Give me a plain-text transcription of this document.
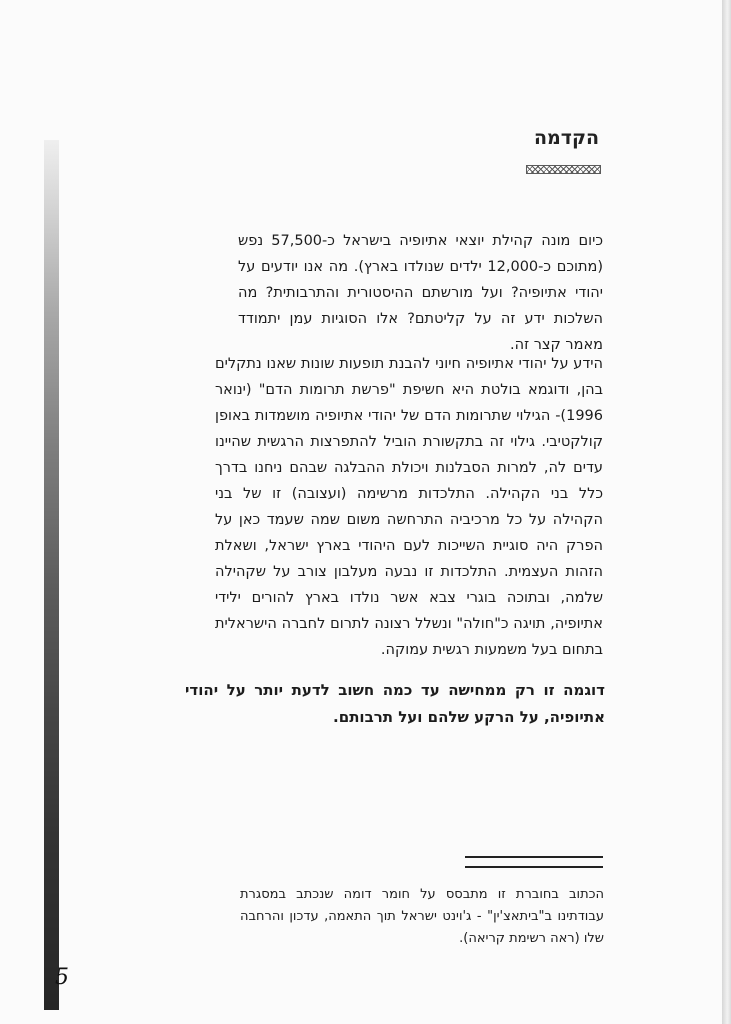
הקדמה

כיום מונה קהילת יוצאי אתיופיה בישראל כ-57,500 נפש (מתוכם כ-12,000 ילדים שנולדו בארץ). מה אנו יודעים על יהודי אתיופיה? ועל מורשתם ההיסטורית והתרבותית? מה השלכות ידע זה על קליטתם? אלו הסוגיות עמן יתמודד מאמר קצר זה.

הידע על יהודי אתיופיה חיוני להבנת תופעות שונות שאנו נתקלים בהן, ודוגמא בולטת היא חשיפת "פרשת תרומות הדם" (ינואר 1996)- הגילוי שתרומות הדם של יהודי אתיופיה מושמדות באופן קולקטיבי. גילוי זה בתקשורת הוביל להתפרצות הרגשית שהיינו עדים לה, למרות הסבלנות ויכולת ההבלגה שבהם ניחנו בדרך כלל בני הקהילה. התלכדות מרשימה (ועצובה) זו של בני הקהילה על כל מרכיביה התרחשה משום שמה שעמד כאן על הפרק היה סוגיית השייכות לעם היהודי בארץ ישראל, ושאלת הזהות העצמית. התלכדות זו נבעה מעלבון צורב על שקהילה שלמה, ובתוכה בוגרי צבא אשר נולדו בארץ להורים ילידי אתיופיה, תויגה כ"חולה" ונשלל רצונה לתרום לחברה הישראלית בתחום בעל משמעות רגשית עמוקה.

דוגמה זו רק ממחישה עד כמה חשוב לדעת יותר על יהודי אתיופיה, על הרקע שלהם ועל תרבותם.

הכתוב בחוברת זו מתבסס על חומר דומה שנכתב במסגרת עבודתינו ב"ביתאצ'ין" - ג'וינט ישראל תוך התאמה, עדכון והרחבה שלו (ראה רשימת קריאה).

5
